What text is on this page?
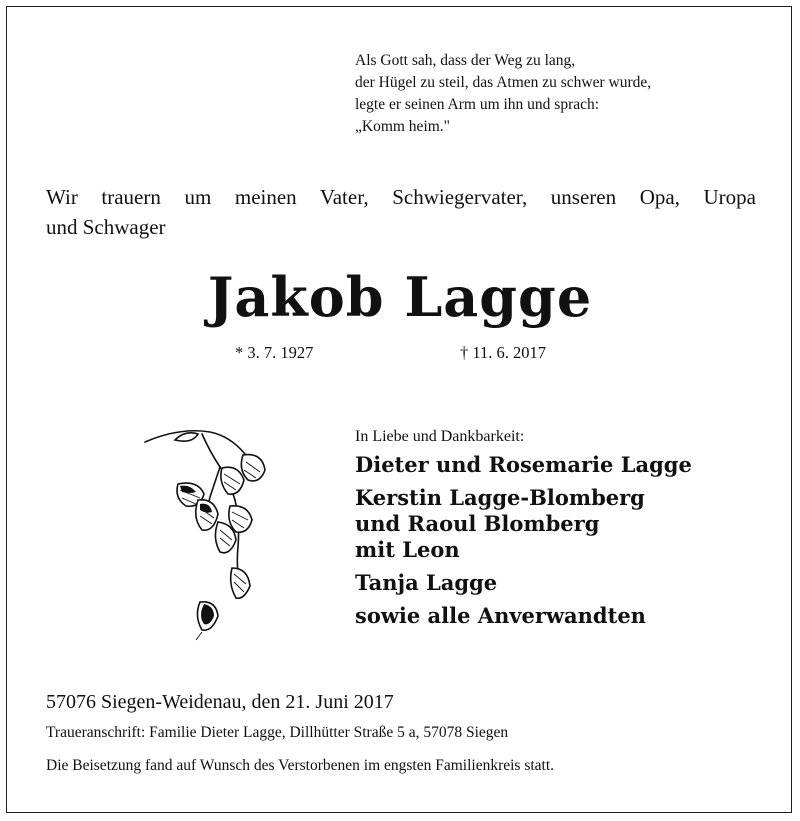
Als Gott sah, dass der Weg zu lang,
der Hügel zu steil, das Atmen zu schwer wurde,
legte er seinen Arm um ihn und sprach:
„Komm heim."
Wir trauern um meinen Vater, Schwiegervater, unseren Opa, Uropa
und Schwager
Jakob Lagge
* 3. 7. 1927	† 11. 6. 2017
In Liebe und Dankbarkeit:
Dieter und Rosemarie Lagge
Kerstin Lagge-Blomberg
und Raoul Blomberg
mit Leon
Tanja Lagge
sowie alle Anverwandten
57076 Siegen-Weidenau, den 21. Juni 2017
Traueranschrift: Familie Dieter Lagge, Dillhütter Straße 5 a, 57078 Siegen
Die Beisetzung fand auf Wunsch des Verstorbenen im engsten Familienkreis statt.
